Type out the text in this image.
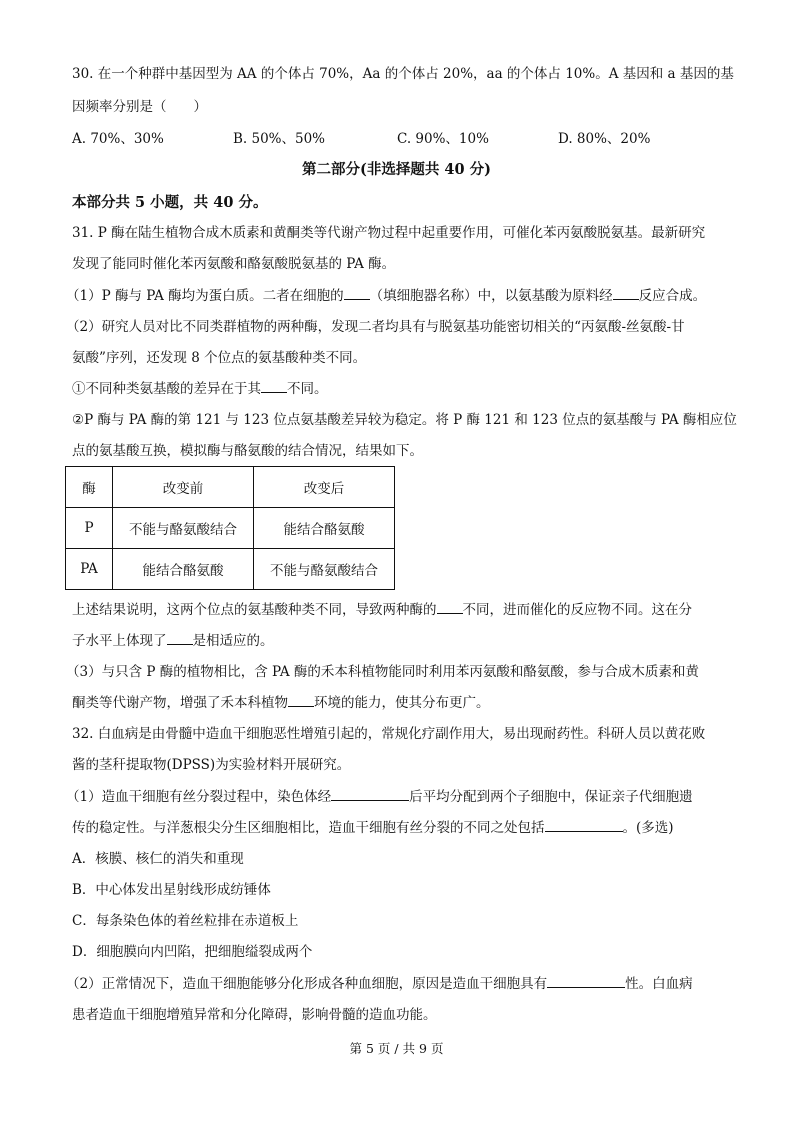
30. 在一个种群中基因型为 AA 的个体占 70%，Aa 的个体占 20%，aa 的个体占 10%。A 基因和 a 基因的基
因频率分别是（　　）
A. 70%、30%	B. 50%、50%	C. 90%、10%	D. 80%、20%
第二部分(非选择题共 40 分)
本部分共 5 小题，共 40 分。
31. P 酶在陆生植物合成木质素和黄酮类等代谢产物过程中起重要作用，可催化苯丙氨酸脱氨基。最新研究
发现了能同时催化苯丙氨酸和酪氨酸脱氨基的 PA 酶。
（1）P 酶与 PA 酶均为蛋白质。二者在细胞的 （填细胞器名称）中，以氨基酸为原料经 反应合成。
（2）研究人员对比不同类群植物的两种酶，发现二者均具有与脱氨基功能密切相关的“丙氨酸-丝氨酸-甘
氨酸”序列，还发现 8 个位点的氨基酸种类不同。
①不同种类氨基酸的差异在于其 不同。
②P 酶与 PA 酶的第 121 与 123 位点氨基酸差异较为稳定。将 P 酶 121 和 123 位点的氨基酸与 PA 酶相应位
点的氨基酸互换，模拟酶与酪氨酸的结合情况，结果如下。
酶	改变前	改变后
P	不能与酪氨酸结合	能结合酪氨酸
PA	能结合酪氨酸	不能与酪氨酸结合
上述结果说明，这两个位点的氨基酸种类不同，导致两种酶的 不同，进而催化的反应物不同。这在分
子水平上体现了 是相适应的。
（3）与只含 P 酶的植物相比，含 PA 酶的禾本科植物能同时利用苯丙氨酸和酪氨酸，参与合成木质素和黄
酮类等代谢产物，增强了禾本科植物 环境的能力，使其分布更广。
32. 白血病是由骨髓中造血干细胞恶性增殖引起的，常规化疗副作用大，易出现耐药性。科研人员以黄花败
酱的茎秆提取物(DPSS)为实验材料开展研究。
（1）造血干细胞有丝分裂过程中，染色体经	后平均分配到两个子细胞中，保证亲子代细胞遗
传的稳定性。与洋葱根尖分生区细胞相比，造血干细胞有丝分裂的不同之处包括	。(多选)
A．核膜、核仁的消失和重现
B．中心体发出星射线形成纺锤体
C．每条染色体的着丝粒排在赤道板上
D．细胞膜向内凹陷，把细胞缢裂成两个
（2）正常情况下，造血干细胞能够分化形成各种血细胞，原因是造血干细胞具有	性。白血病
患者造血干细胞增殖异常和分化障碍，影响骨髓的造血功能。
第 5 页 / 共 9 页
